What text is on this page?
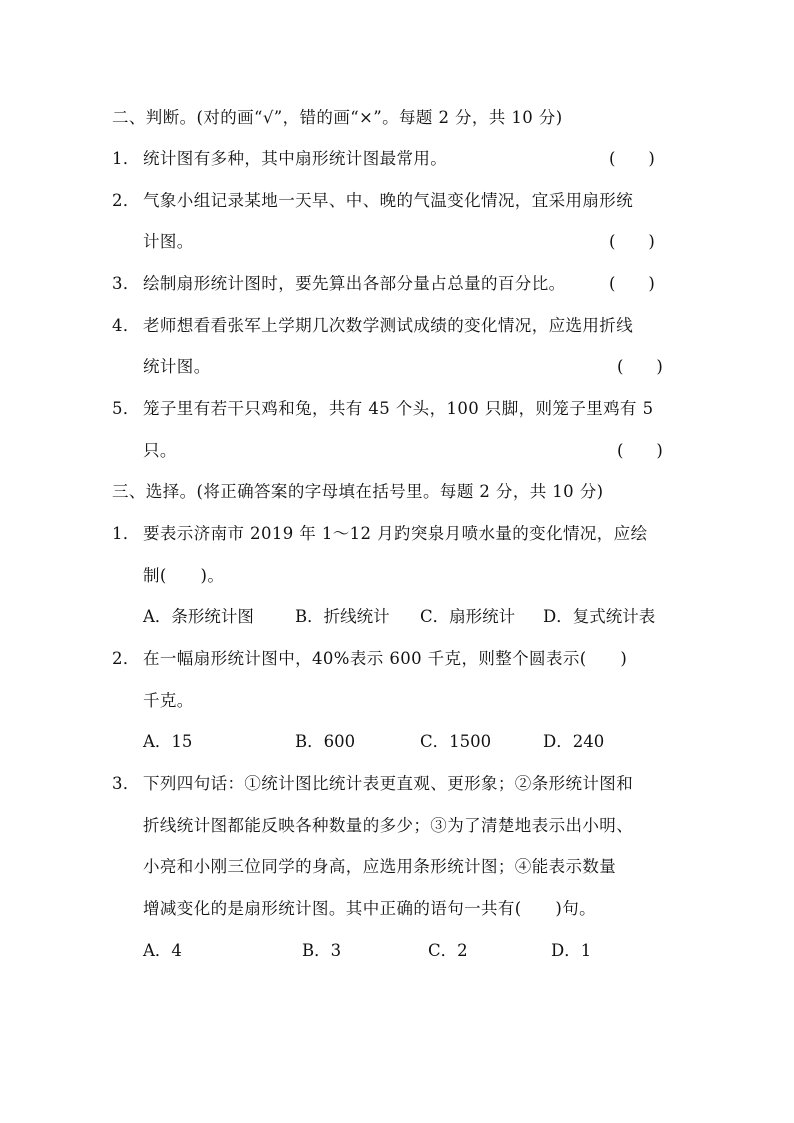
二、判断。(对的画“√”，错的画“×”。每题 2 分，共 10 分)
1． 统计图有多种，其中扇形统计图最常用。	(　　)
2． 气象小组记录某地一天早、中、晚的气温变化情况，宜采用扇形统
计图。	(　　)
3． 绘制扇形统计图时，要先算出各部分量占总量的百分比。	(　　)
4． 老师想看看张军上学期几次数学测试成绩的变化情况，应选用折线
统计图。	(　　)
5． 笼子里有若干只鸡和兔，共有 45 个头，100 只脚，则笼子里鸡有 5
只。	(　　)
三、选择。(将正确答案的字母填在括号里。每题 2 分，共 10 分)
1． 要表示济南市 2019 年 1～12 月趵突泉月喷水量的变化情况，应绘
制(　　)。
A．条形统计图 B．折线统计 C．扇形统计 D．复式统计表
2． 在一幅扇形统计图中，40%表示 600 千克，则整个圆表示(　　)
千克。
A．15	B．600	C．1500	D．240
3． 下列四句话：①统计图比统计表更直观、更形象；②条形统计图和
折线统计图都能反映各种数量的多少；③为了清楚地表示出小明、
小亮和小刚三位同学的身高，应选用条形统计图；④能表示数量
增减变化的是扇形统计图。其中正确的语句一共有(　　)句。
A．4	B．3	C．2	D．1
